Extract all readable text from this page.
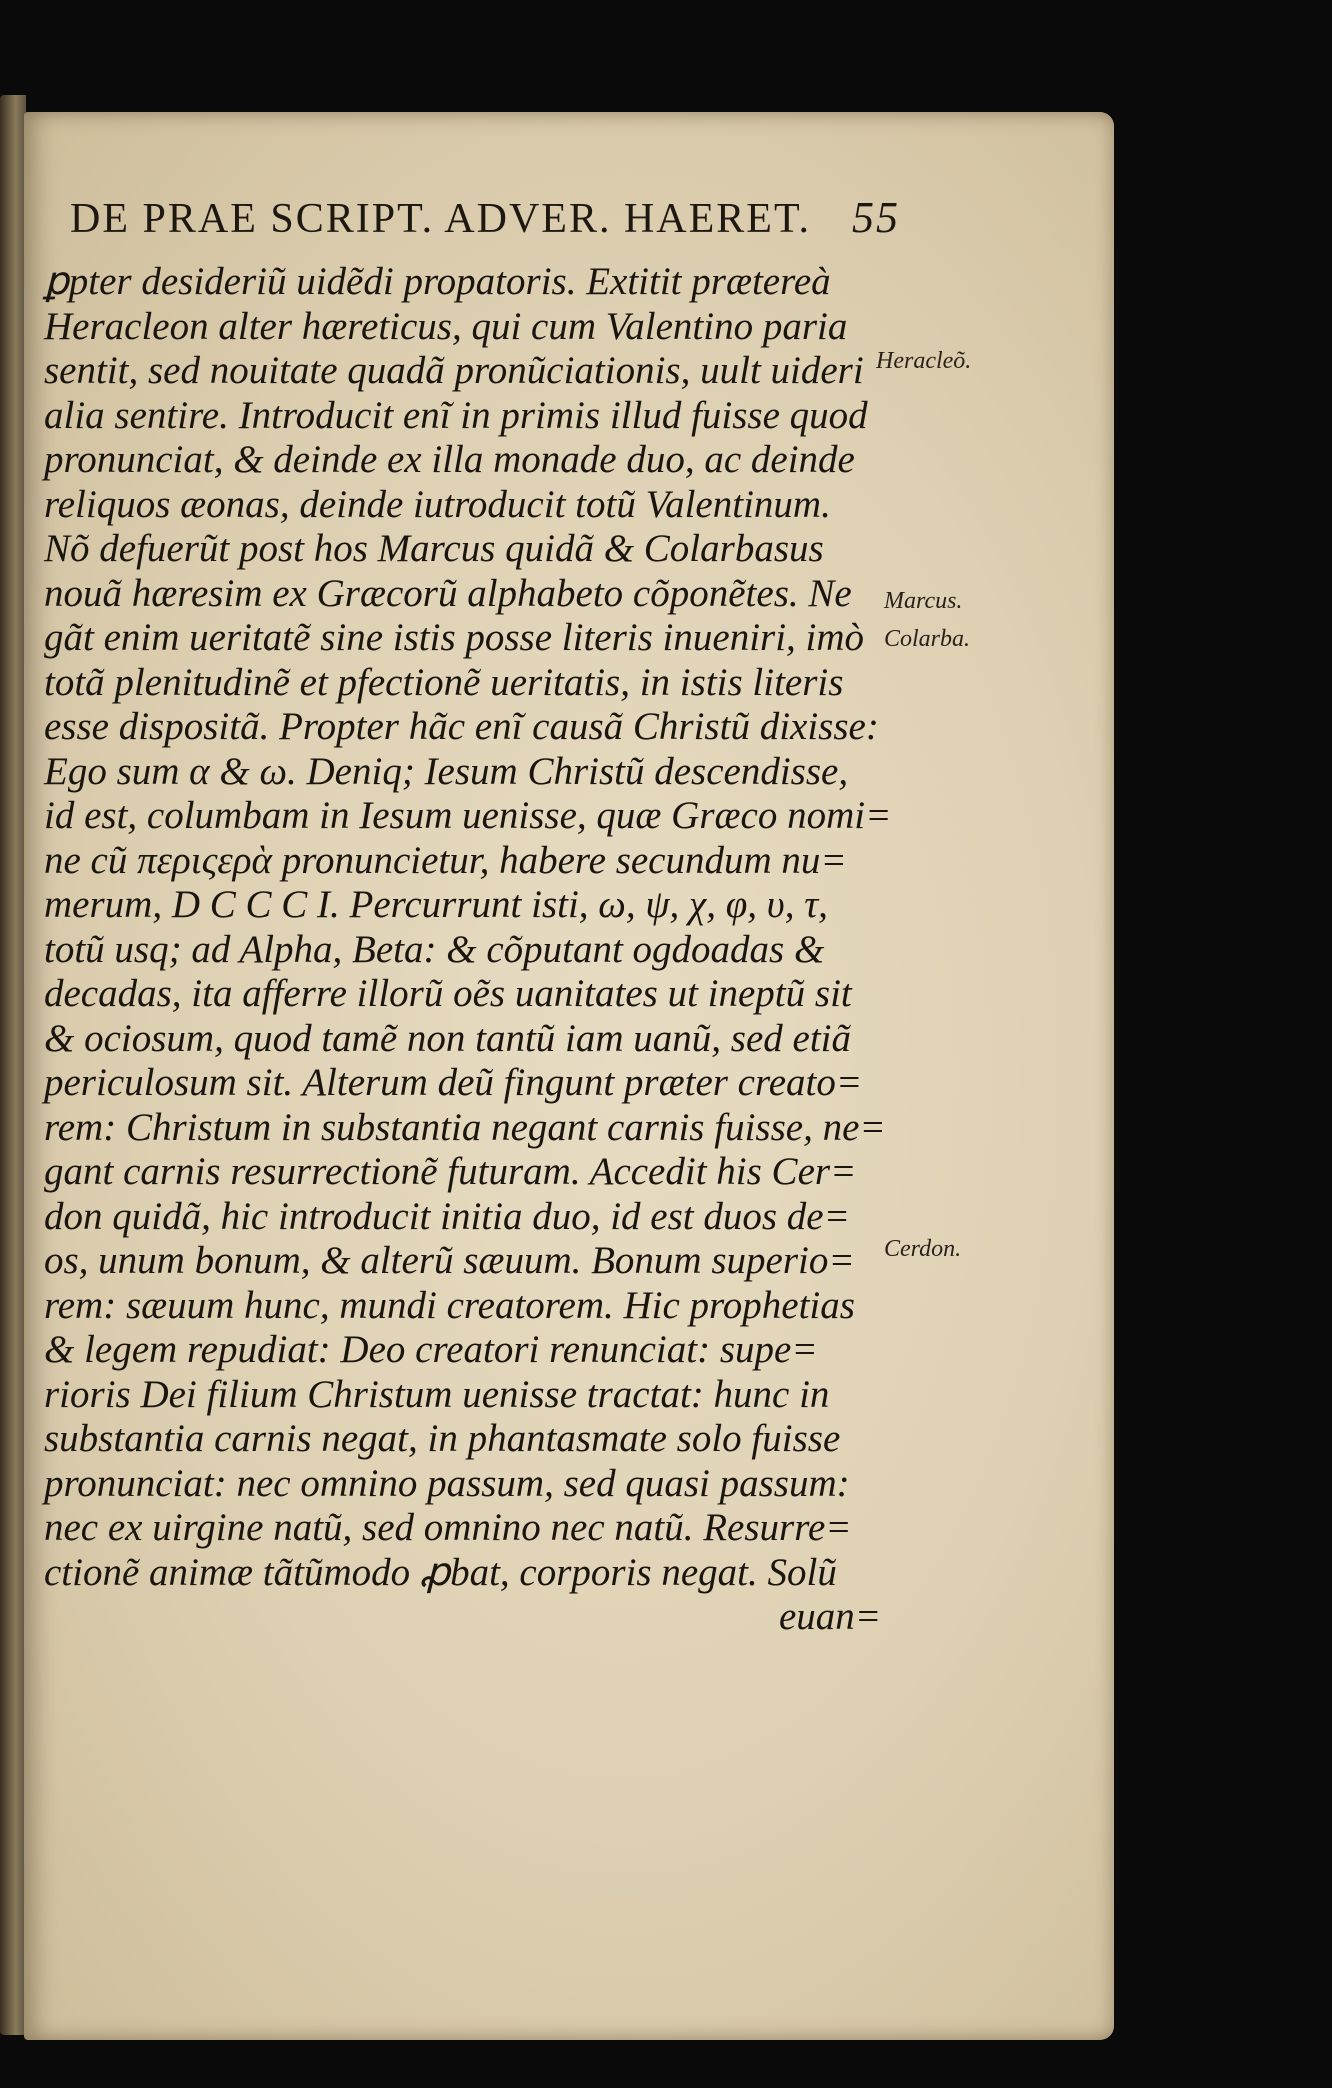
DE PRAE SCRIPT. ADVER. HAERET. 55
ꝑpter desideriũ uidẽdi propatoris. Extitit prætereà
Heracleon alter hæreticus, qui cum Valentino paria
sentit, sed nouitate quadã pronũciationis, uult uideri
alia sentire. Introducit enĩ in primis illud fuisse quod
pronunciat, & deinde ex illa monade duo, ac deinde
reliquos æonas, deinde iutroducit totũ Valentinum.
Nõ defuerũt post hos Marcus quidã & Colarbasus
nouã hæresim ex Græcorũ alphabeto cõponẽtes. Ne
gãt enim ueritatẽ sine istis posse literis inueniri, imò
totã plenitudinẽ et pfectionẽ ueritatis, in istis literis
esse dispositã. Propter hãc enĩ causã Christũ dixisse:
Ego sum α & ω. Deniq; Iesum Christũ descendisse,
id est, columbam in Iesum uenisse, quæ Græco nomi=
ne cũ περιςερὰ pronuncietur, habere secundum nu=
merum, D C C C I. Percurrunt isti, ω, ψ, χ, φ, υ, τ,
totũ usq; ad Alpha, Beta: & cõputant ogdoadas &
decadas, ita afferre illorũ oẽs uanitates ut ineptũ sit
& ociosum, quod tamẽ non tantũ iam uanũ, sed etiã
periculosum sit. Alterum deũ fingunt præter creato=
rem: Christum in substantia negant carnis fuisse, ne=
gant carnis resurrectionẽ futuram. Accedit his Cer=
don quidã, hic introducit initia duo, id est duos de=
os, unum bonum, & alterũ sæuum. Bonum superio=
rem: sæuum hunc, mundi creatorem. Hic prophetias
& legem repudiat: Deo creatori renunciat: supe=
rioris Dei filium Christum uenisse tractat: hunc in
substantia carnis negat, in phantasmate solo fuisse
pronunciat: nec omnino passum, sed quasi passum:
nec ex uirgine natũ, sed omnino nec natũ. Resurre=
ctionẽ animæ tãtũmodo ꝓbat, corporis negat. Solũ
euan=
Heracleõ.
Marcus.
Colarba.
Cerdon.
